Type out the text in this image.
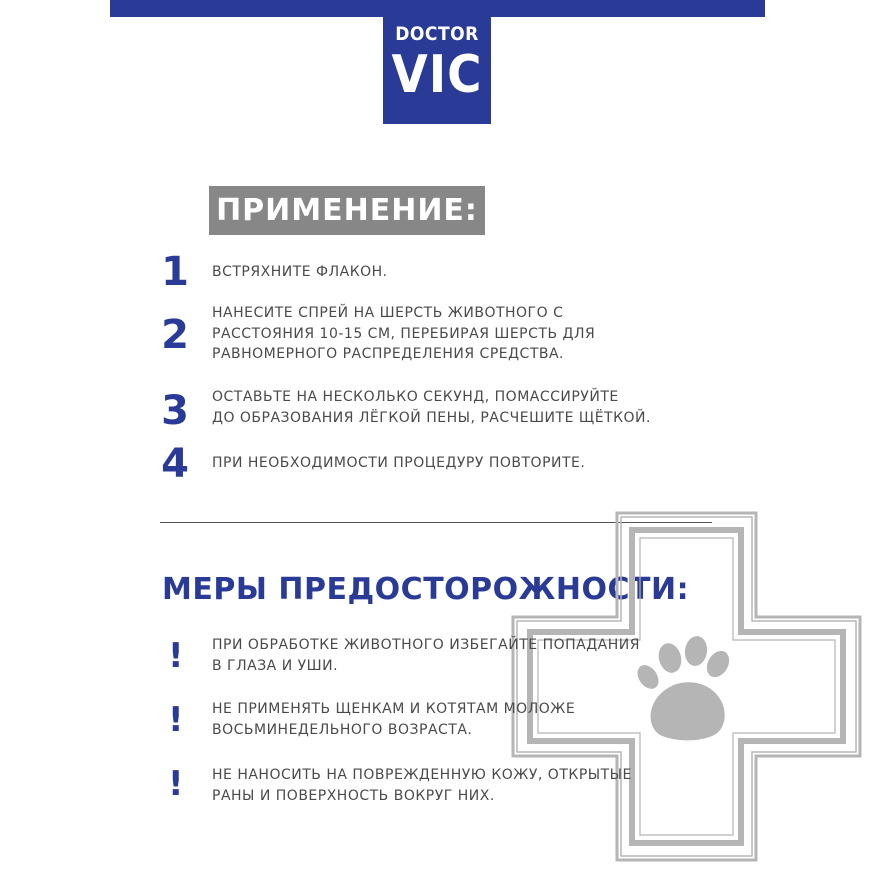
DOCTOR
VIC
ПРИМЕНЕНИЕ:
1 ВСТРЯХНИТЕ ФЛАКОН.
2 НАНЕСИТЕ СПРЕЙ НА ШЕРСТЬ ЖИВОТНОГО С
РАССТОЯНИЯ 10-15 СМ, ПЕРЕБИРАЯ ШЕРСТЬ ДЛЯ
РАВНОМЕРНОГО РАСПРЕДЕЛЕНИЯ СРЕДСТВА.
3 ОСТАВЬТЕ НА НЕСКОЛЬКО СЕКУНД, ПОМАССИРУЙТЕ
ДО ОБРАЗОВАНИЯ ЛЁГКОЙ ПЕНЫ, РАСЧЕШИТЕ ЩЁТКОЙ.
4 ПРИ НЕОБХОДИМОСТИ ПРОЦЕДУРУ ПОВТОРИТЕ.
МЕРЫ ПРЕДОСТОРОЖНОСТИ:
! ПРИ ОБРАБОТКЕ ЖИВОТНОГО ИЗБЕГАЙТЕ ПОПАДАНИЯ
В ГЛАЗА И УШИ.
! НЕ ПРИМЕНЯТЬ ЩЕНКАМ И КОТЯТАМ МОЛОЖЕ
ВОСЬМИНЕДЕЛЬНОГО ВОЗРАСТА.
! НЕ НАНОСИТЬ НА ПОВРЕЖДЕННУЮ КОЖУ, ОТКРЫТЫЕ
РАНЫ И ПОВЕРХНОСТЬ ВОКРУГ НИХ.
